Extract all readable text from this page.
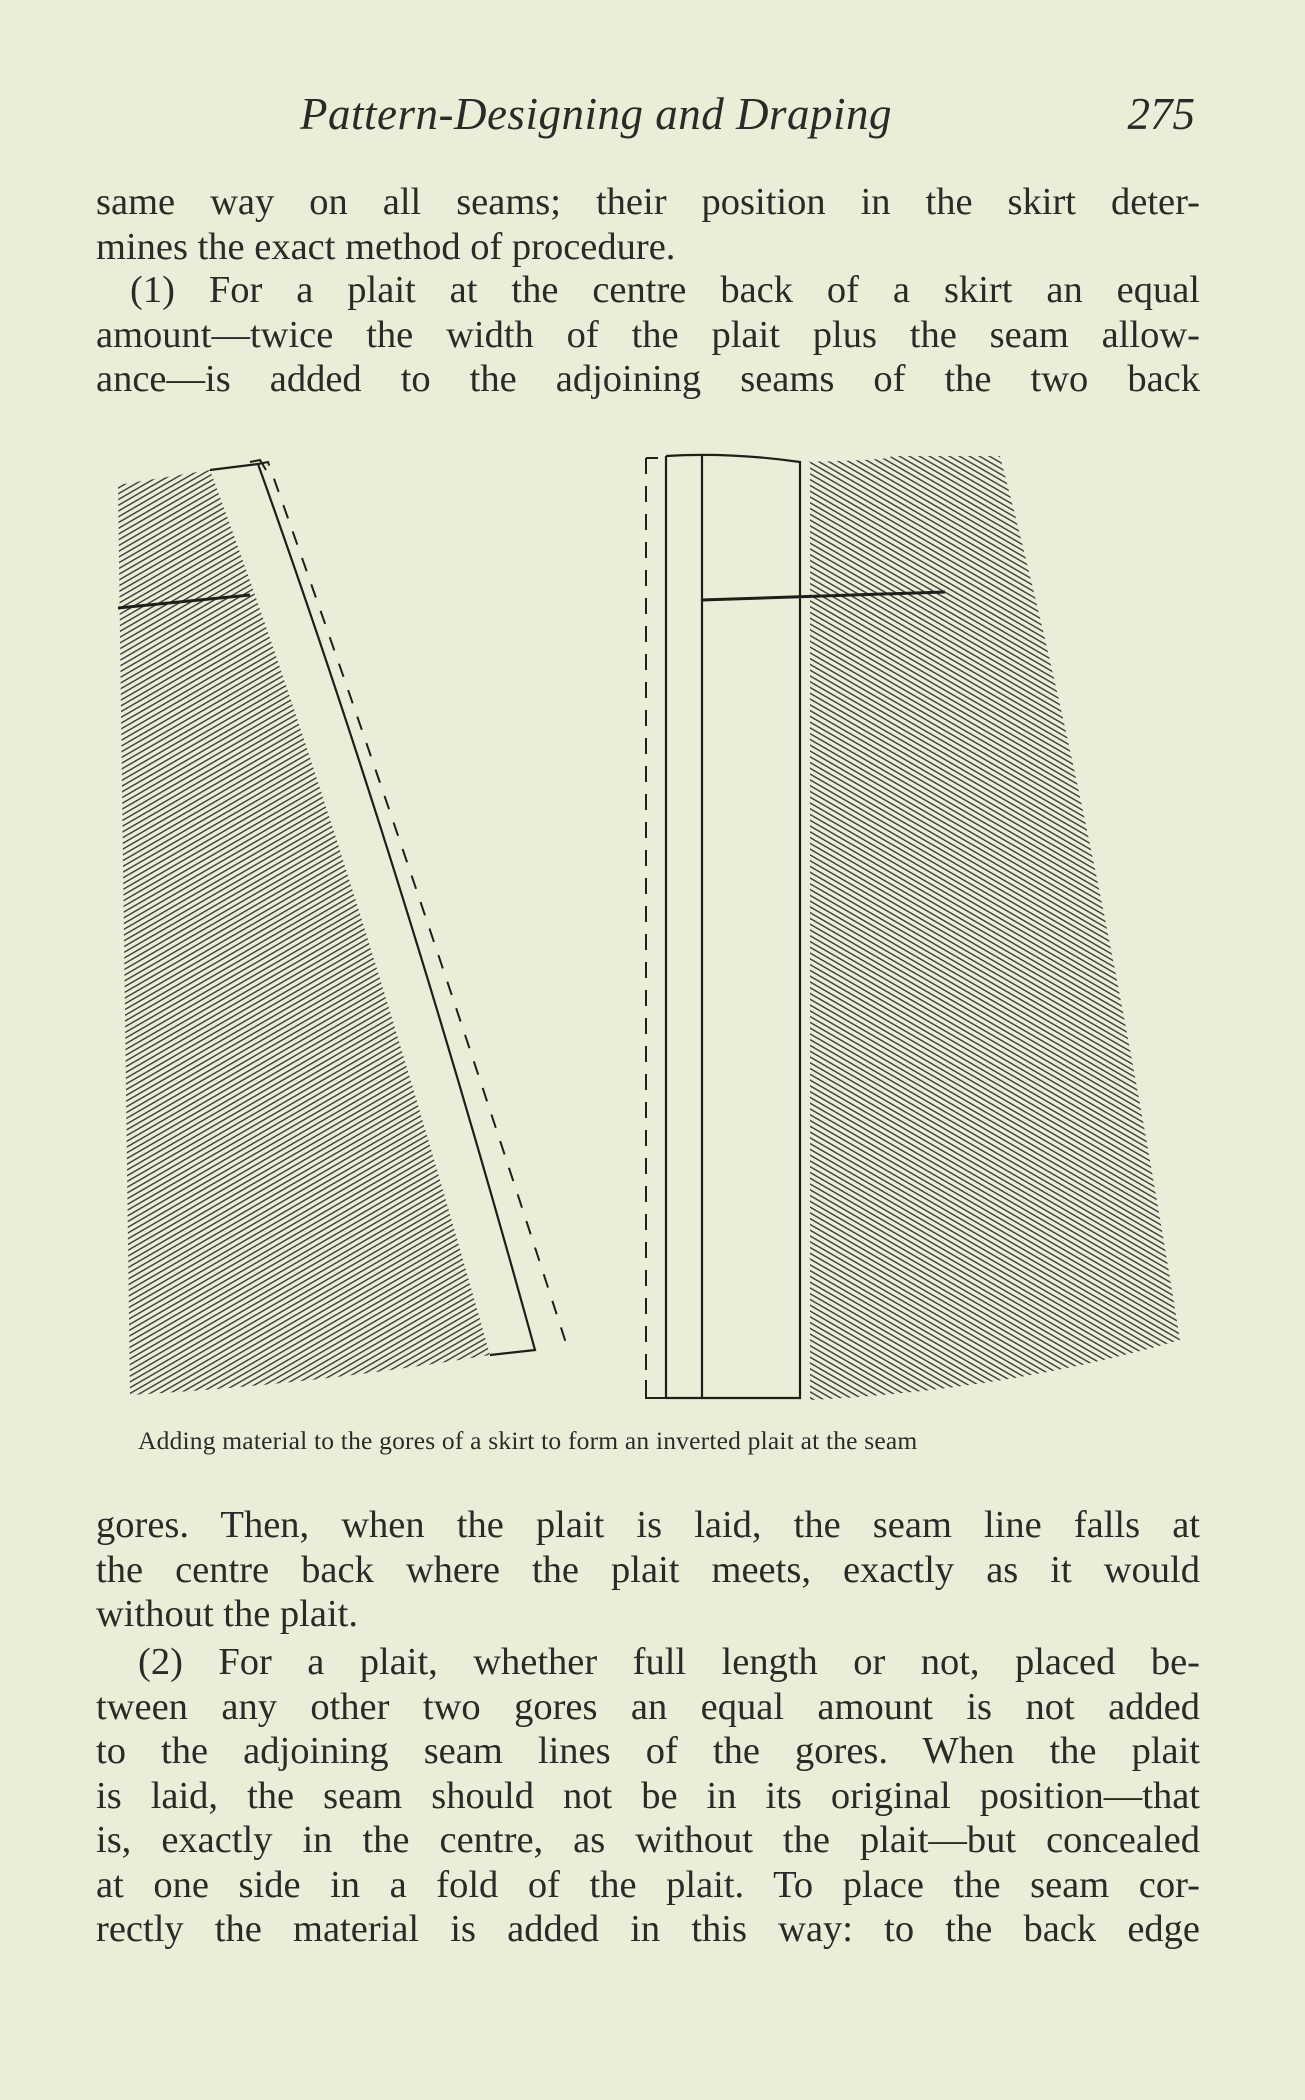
Pattern-Designing and Draping	275

same way on all seams; their position in the skirt deter-
mines the exact method of procedure.

(1) For a plait at the centre back of a skirt an equal
amount—twice the width of the plait plus the seam allow-
ance—is added to the adjoining seams of the two back

Adding material to the gores of a skirt to form an inverted plait at the seam

gores. Then, when the plait is laid, the seam line falls at
the centre back where the plait meets, exactly as it would
without the plait.

(2) For a plait, whether full length or not, placed be-
tween any other two gores an equal amount is not added
to the adjoining seam lines of the gores. When the plait
is laid, the seam should not be in its original position—that
is, exactly in the centre, as without the plait—but concealed
at one side in a fold of the plait. To place the seam cor-
rectly the material is added in this way: to the back edge
